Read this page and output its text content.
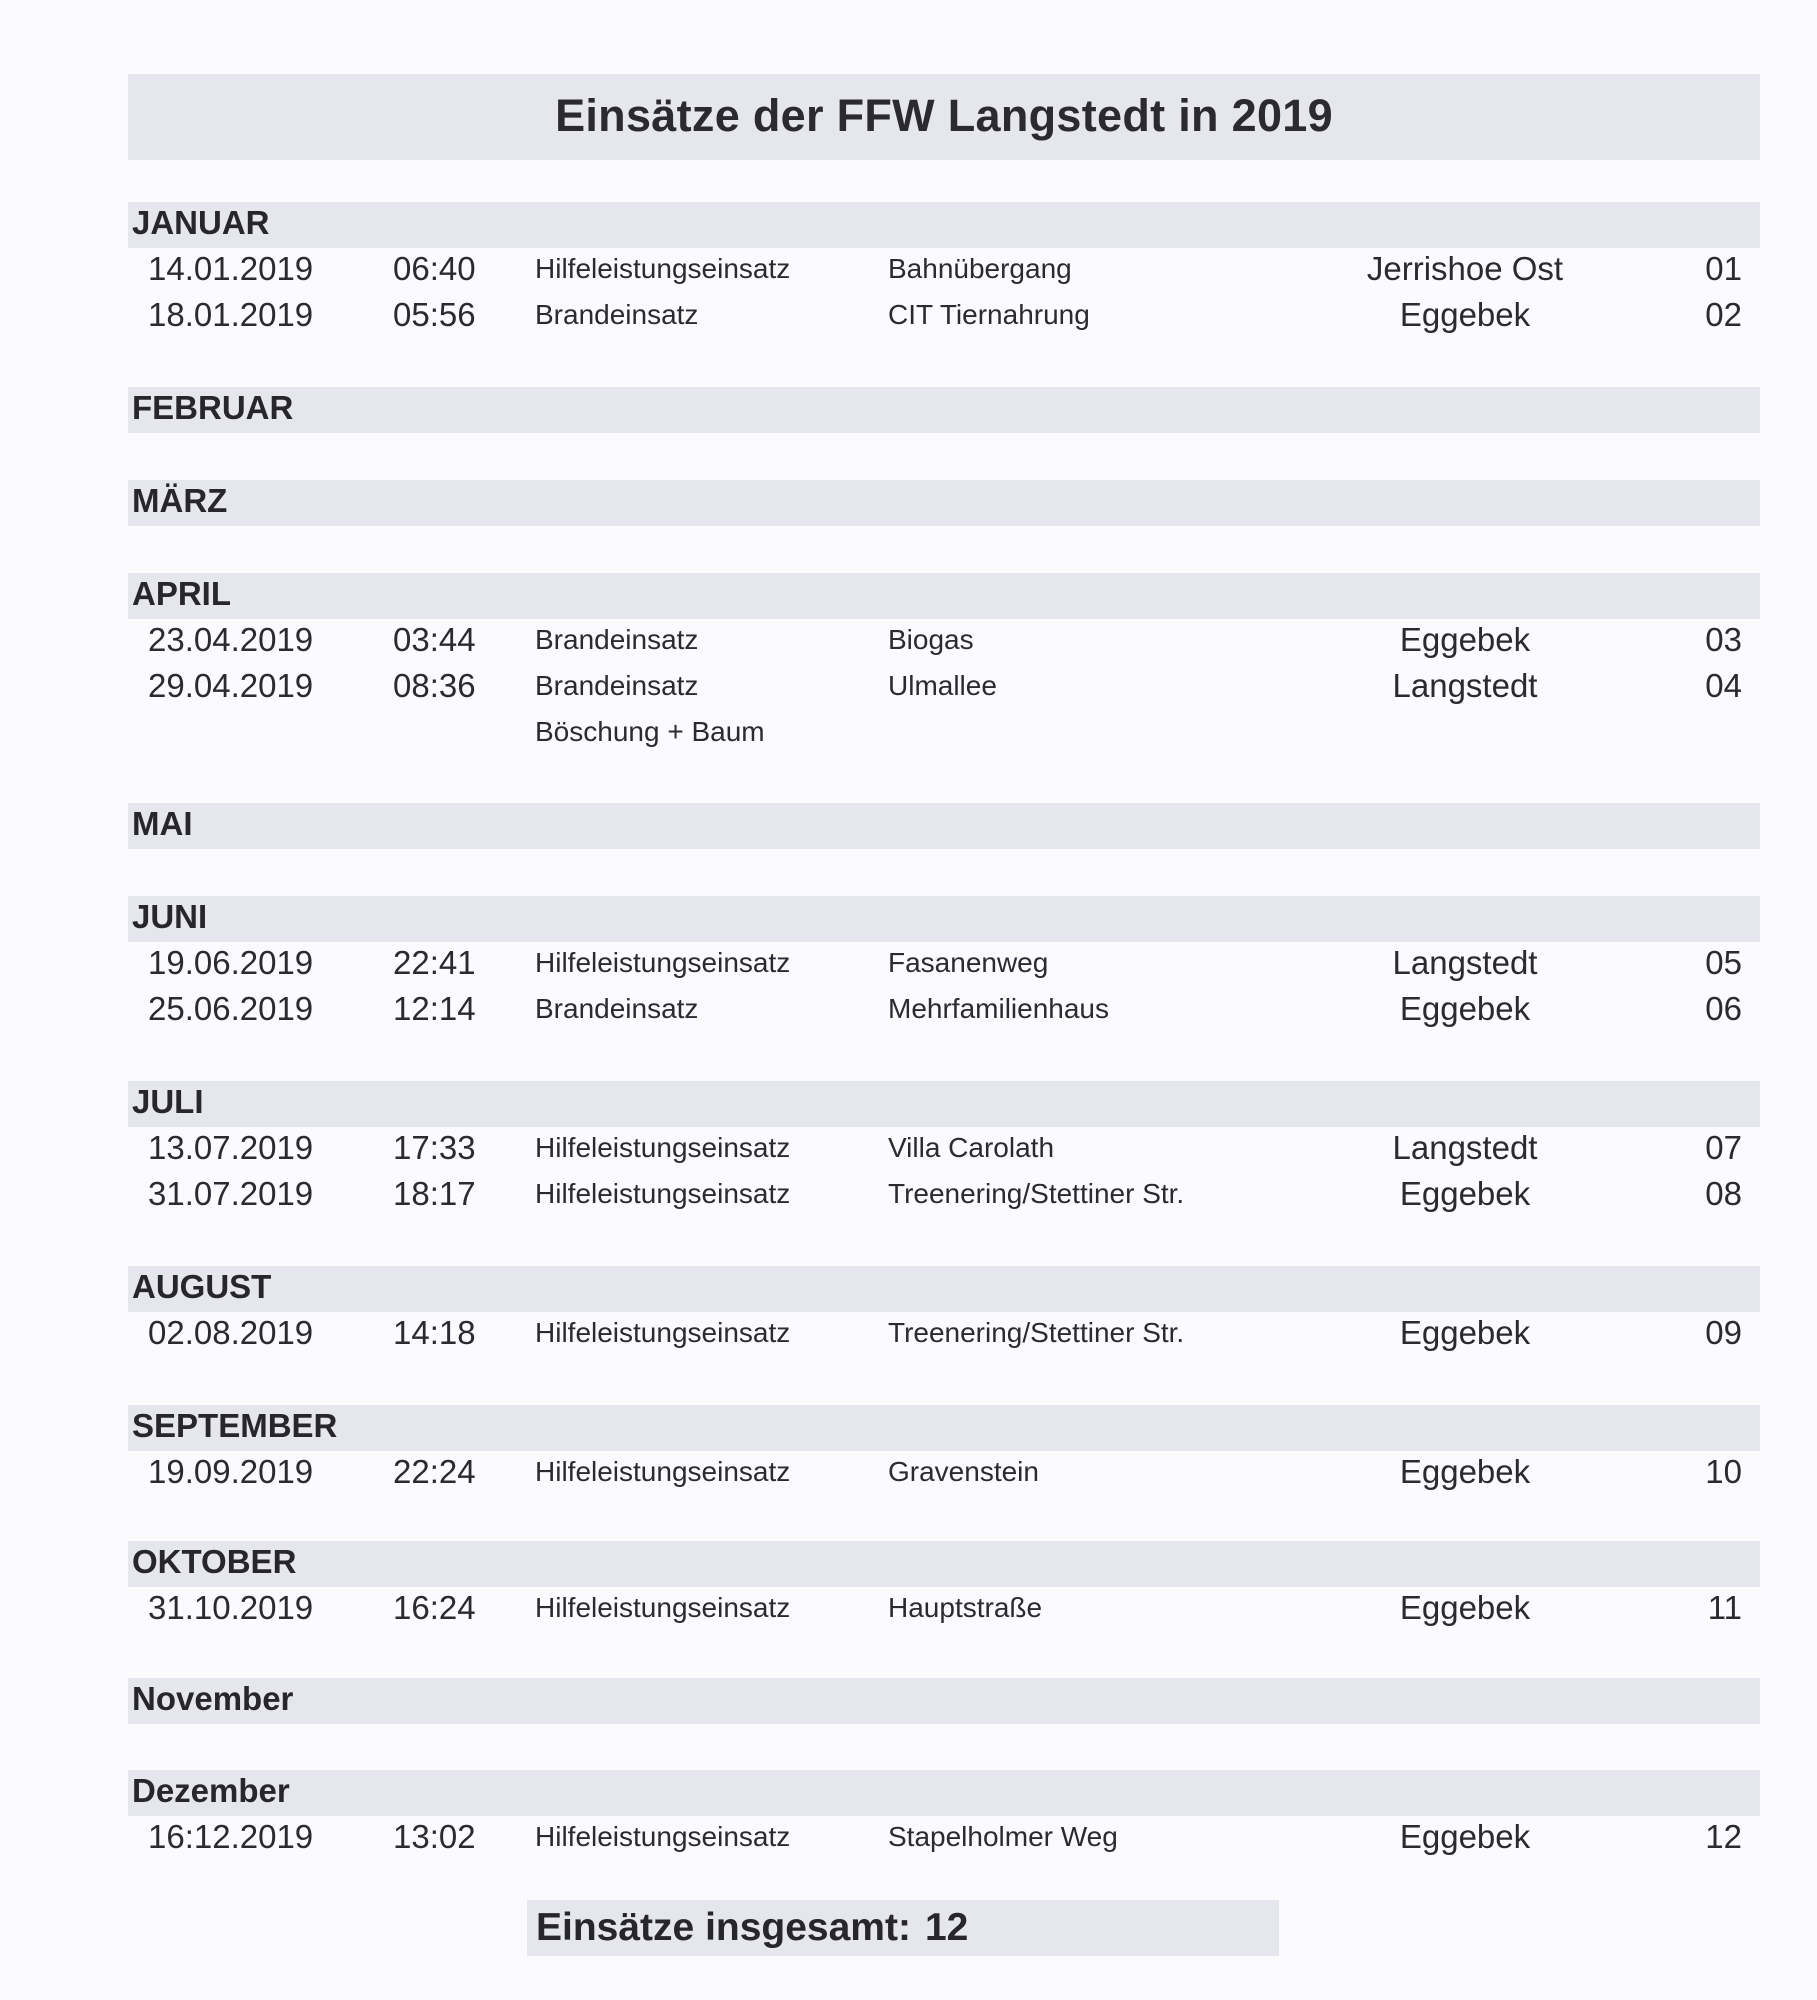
Einsätze der FFW Langstedt in 2019
JANUAR
14.01.2019 06:40 Hilfeleistungseinsatz	Bahnübergang	Jerrishoe Ost	01
18.01.2019 05:56 Brandeinsatz	CIT Tiernahrung	Eggebek	02
FEBRUAR
MÄRZ
APRIL
23.04.2019 03:44 Brandeinsatz	Biogas	Eggebek	03
29.04.2019 08:36 Brandeinsatz	Ulmallee	Langstedt	04
Böschung + Baum
MAI
JUNI
19.06.2019 22:41 Hilfeleistungseinsatz	Fasanenweg	Langstedt	05
25.06.2019 12:14 Brandeinsatz	Mehrfamilienhaus	Eggebek	06
JULI
13.07.2019 17:33 Hilfeleistungseinsatz	Villa Carolath	Langstedt	07
31.07.2019 18:17 Hilfeleistungseinsatz	Treenering/Stettiner Str.	Eggebek	08
AUGUST
02.08.2019 14:18 Hilfeleistungseinsatz	Treenering/Stettiner Str.	Eggebek	09
SEPTEMBER
19.09.2019 22:24 Hilfeleistungseinsatz	Gravenstein	Eggebek	10
OKTOBER
31.10.2019 16:24 Hilfeleistungseinsatz	Hauptstraße	Eggebek	11
November
Dezember
16:12.2019 13:02 Hilfeleistungseinsatz	Stapelholmer Weg	Eggebek	12
Einsätze insgesamt: 12
